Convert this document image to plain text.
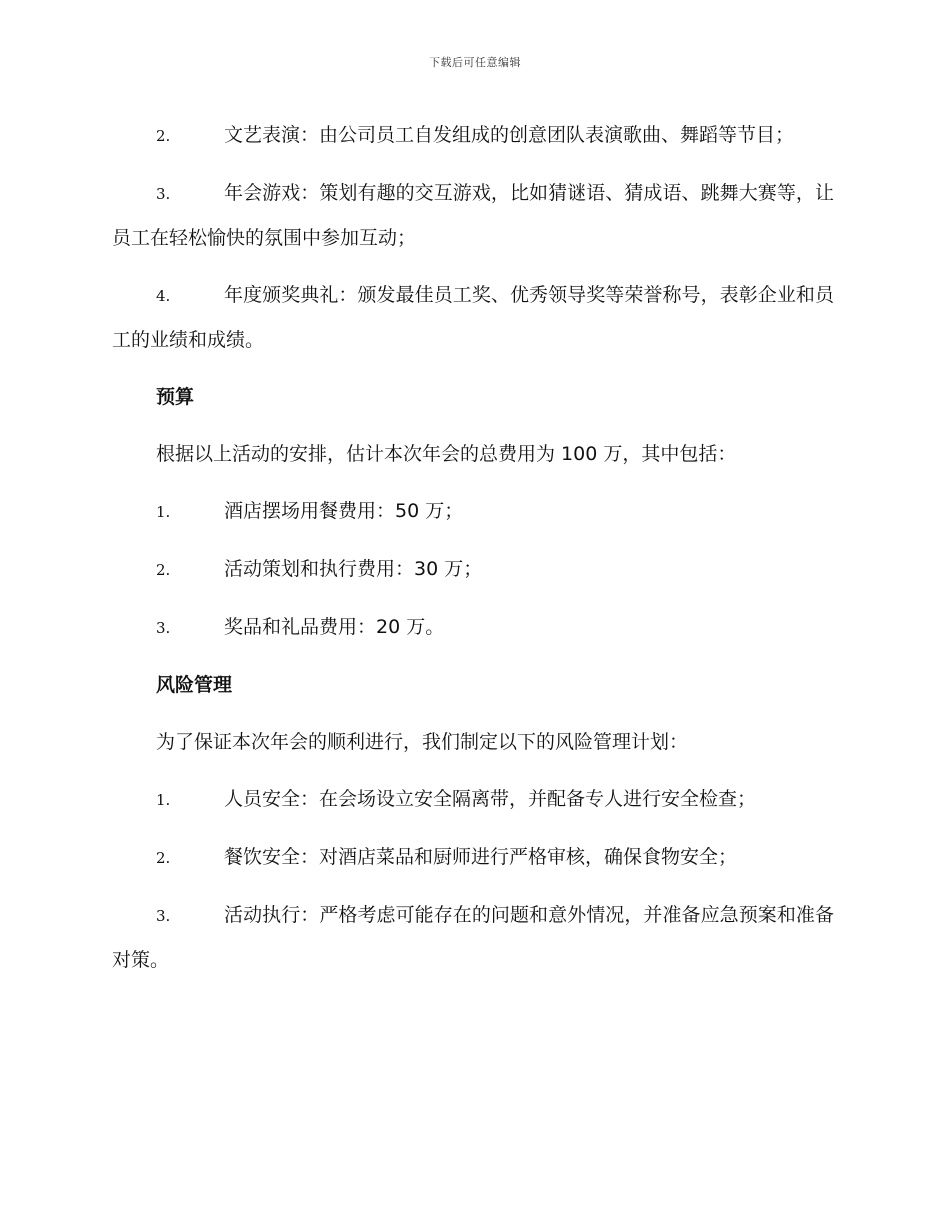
下载后可任意编辑
2.	文艺表演：由公司员工自发组成的创意团队表演歌曲、舞蹈等节目；
3.	年会游戏：策划有趣的交互游戏，比如猜谜语、猜成语、跳舞大赛等，让员工在轻松愉快的氛围中参加互动；
4.	年度颁奖典礼：颁发最佳员工奖、优秀领导奖等荣誉称号，表彰企业和员工的业绩和成绩。
预算
根据以上活动的安排，估计本次年会的总费用为 100 万，其中包括：
1.	酒店摆场用餐费用：50 万；
2.	活动策划和执行费用：30 万；
3.	奖品和礼品费用：20 万。
风险管理
为了保证本次年会的顺利进行，我们制定以下的风险管理计划：
1.	人员安全：在会场设立安全隔离带，并配备专人进行安全检查；
2.	餐饮安全：对酒店菜品和厨师进行严格审核，确保食物安全；
3.	活动执行：严格考虑可能存在的问题和意外情况，并准备应急预案和准备对策。
